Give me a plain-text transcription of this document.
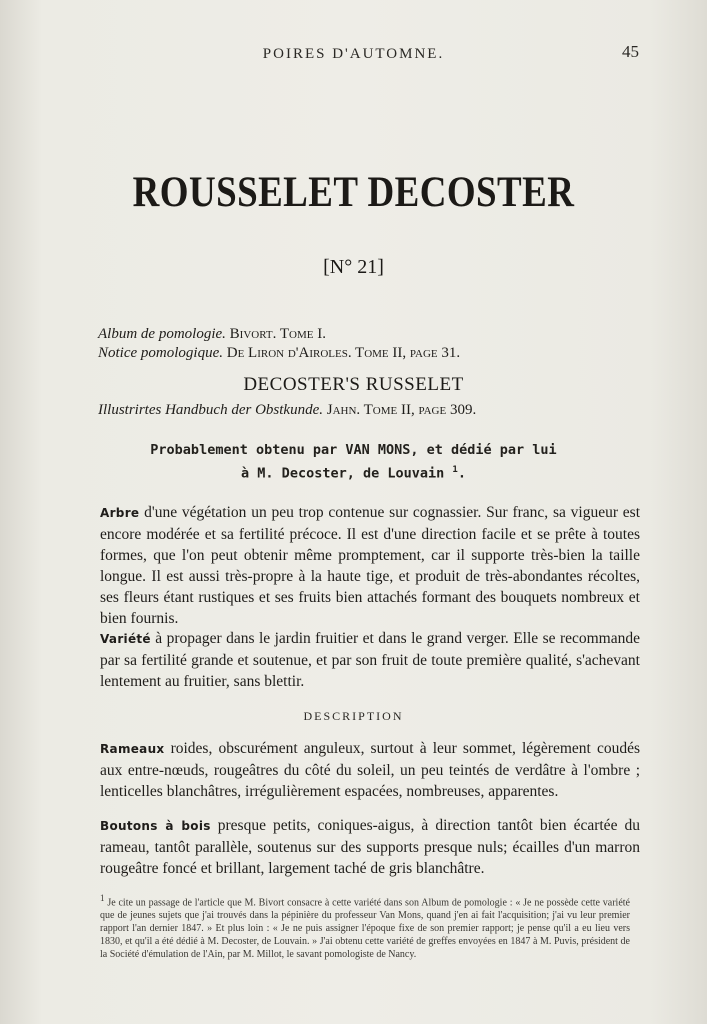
POIRES D'AUTOMNE.	45
ROUSSELET DECOSTER
[N° 21]
Album de pomologie. Bivort. Tome I.
Notice pomologique. De Liron d'Airoles. Tome II, page 31.
DECOSTER'S RUSSELET
Illustrirtes Handbuch der Obstkunde. Jahn. Tome II, page 309.
Probablement obtenu par VAN MONS, et dédié par lui
à M. Decoster, de Louvain $^1$.
Arbre d'une végétation un peu trop contenue sur cognassier. Sur franc, sa vigueur est encore modérée et sa fertilité précoce. Il est d'une direction facile et se prête à toutes formes, que l'on peut obtenir même promptement, car il supporte très-bien la taille longue. Il est aussi très-propre à la haute tige, et produit de très-abondantes récoltes, ses fleurs étant rustiques et ses fruits bien attachés formant des bouquets nombreux et bien fournis.
Variété à propager dans le jardin fruitier et dans le grand verger. Elle se recommande par sa fertilité grande et soutenue, et par son fruit de toute première qualité, s'achevant lentement au fruitier, sans blettir.
DESCRIPTION
Rameaux roides, obscurément anguleux, surtout à leur sommet, légèrement coudés aux entre-nœuds, rougeâtres du côté du soleil, un peu teintés de verdâtre à l'ombre ; lenticelles blanchâtres, irrégulièrement espacées, nombreuses, apparentes.
Boutons à bois presque petits, coniques-aigus, à direction tantôt bien écartée du rameau, tantôt parallèle, soutenus sur des supports presque nuls; écailles d'un marron rougeâtre foncé et brillant, largement taché de gris blanchâtre.
1 Je cite un passage de l'article que M. Bivort consacre à cette variété dans son Album de pomologie : « Je ne possède cette variété que de jeunes sujets que j'ai trouvés dans la pépinière du professeur Van Mons, quand j'en ai fait l'acquisition; j'ai vu leur premier rapport l'an dernier 1847. » Et plus loin : « Je ne puis assigner l'époque fixe de son premier rapport; je pense qu'il a eu lieu vers 1830, et qu'il a été dédié à M. Decoster, de Louvain. » J'ai obtenu cette variété de greffes envoyées en 1847 à M. Puvis, président de la Société d'émulation de l'Ain, par M. Millot, le savant pomologiste de Nancy.
